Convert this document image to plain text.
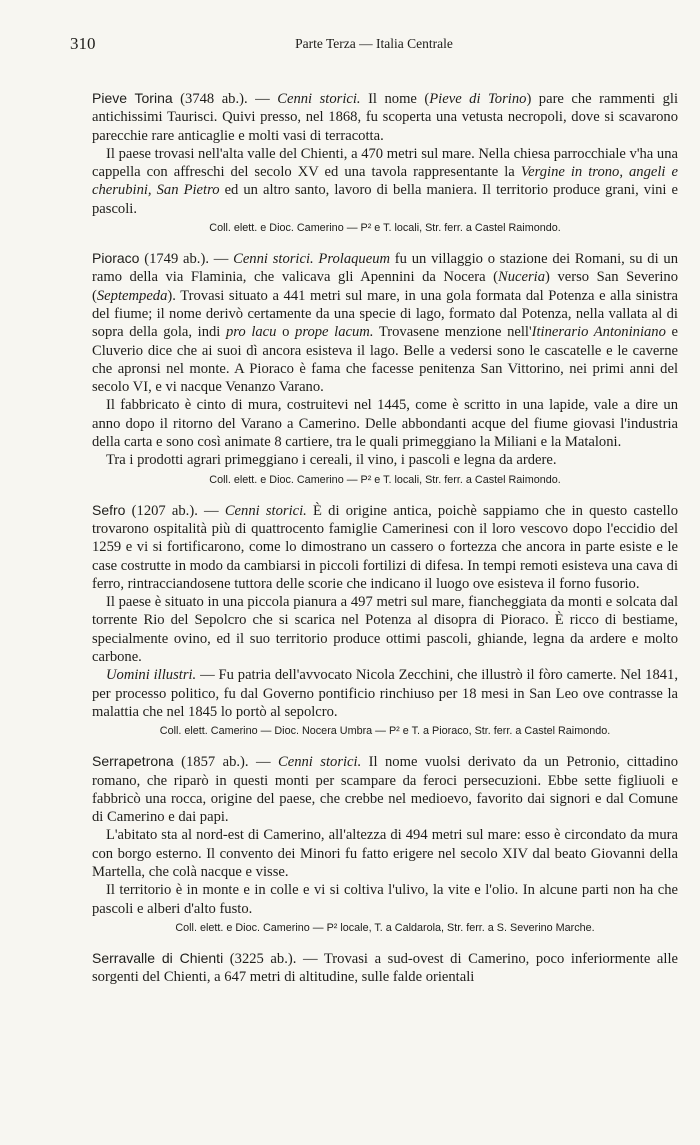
310	Parte Terza — Italia Centrale

Pieve Torina (3748 ab.). — Cenni storici. Il nome (Pieve di Torino) pare che rammenti gli antichissimi Taurisci. Quivi presso, nel 1868, fu scoperta una vetusta necropoli, dove si scavarono parecchie rare anticaglie e molti vasi di terracotta.

Il paese trovasi nell'alta valle del Chienti, a 470 metri sul mare. Nella chiesa parrocchiale v'ha una cappella con affreschi del secolo XV ed una tavola rappresentante la Vergine in trono, angeli e cherubini, San Pietro ed un altro santo, lavoro di bella maniera. Il territorio produce grani, vini e pascoli.

Coll. elett. e Dioc. Camerino — P² e T. locali, Str. ferr. a Castel Raimondo.

Pioraco (1749 ab.). — Cenni storici. Prolaqueum fu un villaggio o stazione dei Romani, su di un ramo della via Flaminia, che valicava gli Apennini da Nocera (Nuceria) verso San Severino (Septempeda). Trovasi situato a 441 metri sul mare, in una gola formata dal Potenza e alla sinistra del fiume; il nome derivò certamente da una specie di lago, formato dal Potenza, nella vallata al di sopra della gola, indi pro lacu o prope lacum. Trovasene menzione nell'Itinerario Antoniniano e Cluverio dice che ai suoi dì ancora esisteva il lago. Belle a vedersi sono le cascatelle e le caverne che apronsi nel monte. A Pioraco è fama che facesse penitenza San Vittorino, nei primi anni del secolo VI, e vi nacque Venanzo Varano.

Il fabbricato è cinto di mura, costruitevi nel 1445, come è scritto in una lapide, vale a dire un anno dopo il ritorno del Varano a Camerino. Delle abbondanti acque del fiume giovasi l'industria della carta e sono così animate 8 cartiere, tra le quali primeggiano la Miliani e la Mataloni.

Tra i prodotti agrari primeggiano i cereali, il vino, i pascoli e legna da ardere.

Coll. elett. e Dioc. Camerino — P² e T. locali, Str. ferr. a Castel Raimondo.

Sefro (1207 ab.). — Cenni storici. È di origine antica, poichè sappiamo che in questo castello trovarono ospitalità più di quattrocento famiglie Camerinesi con il loro vescovo dopo l'eccidio del 1259 e vi si fortificarono, come lo dimostrano un cassero o fortezza che ancora in parte esiste e le case costrutte in modo da cambiarsi in piccoli fortilizi di difesa. In tempi remoti esisteva una cava di ferro, rintracciandosene tuttora delle scorie che indicano il luogo ove esisteva il forno fusorio.

Il paese è situato in una piccola pianura a 497 metri sul mare, fiancheggiata da monti e solcata dal torrente Rio del Sepolcro che si scarica nel Potenza al disopra di Pioraco. È ricco di bestiame, specialmente ovino, ed il suo territorio produce ottimi pascoli, ghiande, legna da ardere e molto carbone.

Uomini illustri. — Fu patria dell'avvocato Nicola Zecchini, che illustrò il fòro camerte. Nel 1841, per processo politico, fu dal Governo pontificio rinchiuso per 18 mesi in San Leo ove contrasse la malattia che nel 1845 lo portò al sepolcro.

Coll. elett. Camerino — Dioc. Nocera Umbra — P² e T. a Pioraco, Str. ferr. a Castel Raimondo.

Serrapetrona (1857 ab.). — Cenni storici. Il nome vuolsi derivato da un Petronio, cittadino romano, che riparò in questi monti per scampare da feroci persecuzioni. Ebbe sette figliuoli e fabbricò una rocca, origine del paese, che crebbe nel medioevo, favorito dai signori e dal Comune di Camerino e dai papi.

L'abitato sta al nord-est di Camerino, all'altezza di 494 metri sul mare: esso è circondato da mura con borgo esterno. Il convento dei Minori fu fatto erigere nel secolo XIV dal beato Giovanni della Martella, che colà nacque e visse.

Il territorio è in monte e in colle e vi si coltiva l'ulivo, la vite e l'olio. In alcune parti non ha che pascoli e alberi d'alto fusto.

Coll. elett. e Dioc. Camerino — P² locale, T. a Caldarola, Str. ferr. a S. Severino Marche.

Serravalle di Chienti (3225 ab.). — Trovasi a sud-ovest di Camerino, poco inferiormente alle sorgenti del Chienti, a 647 metri di altitudine, sulle falde orientali
